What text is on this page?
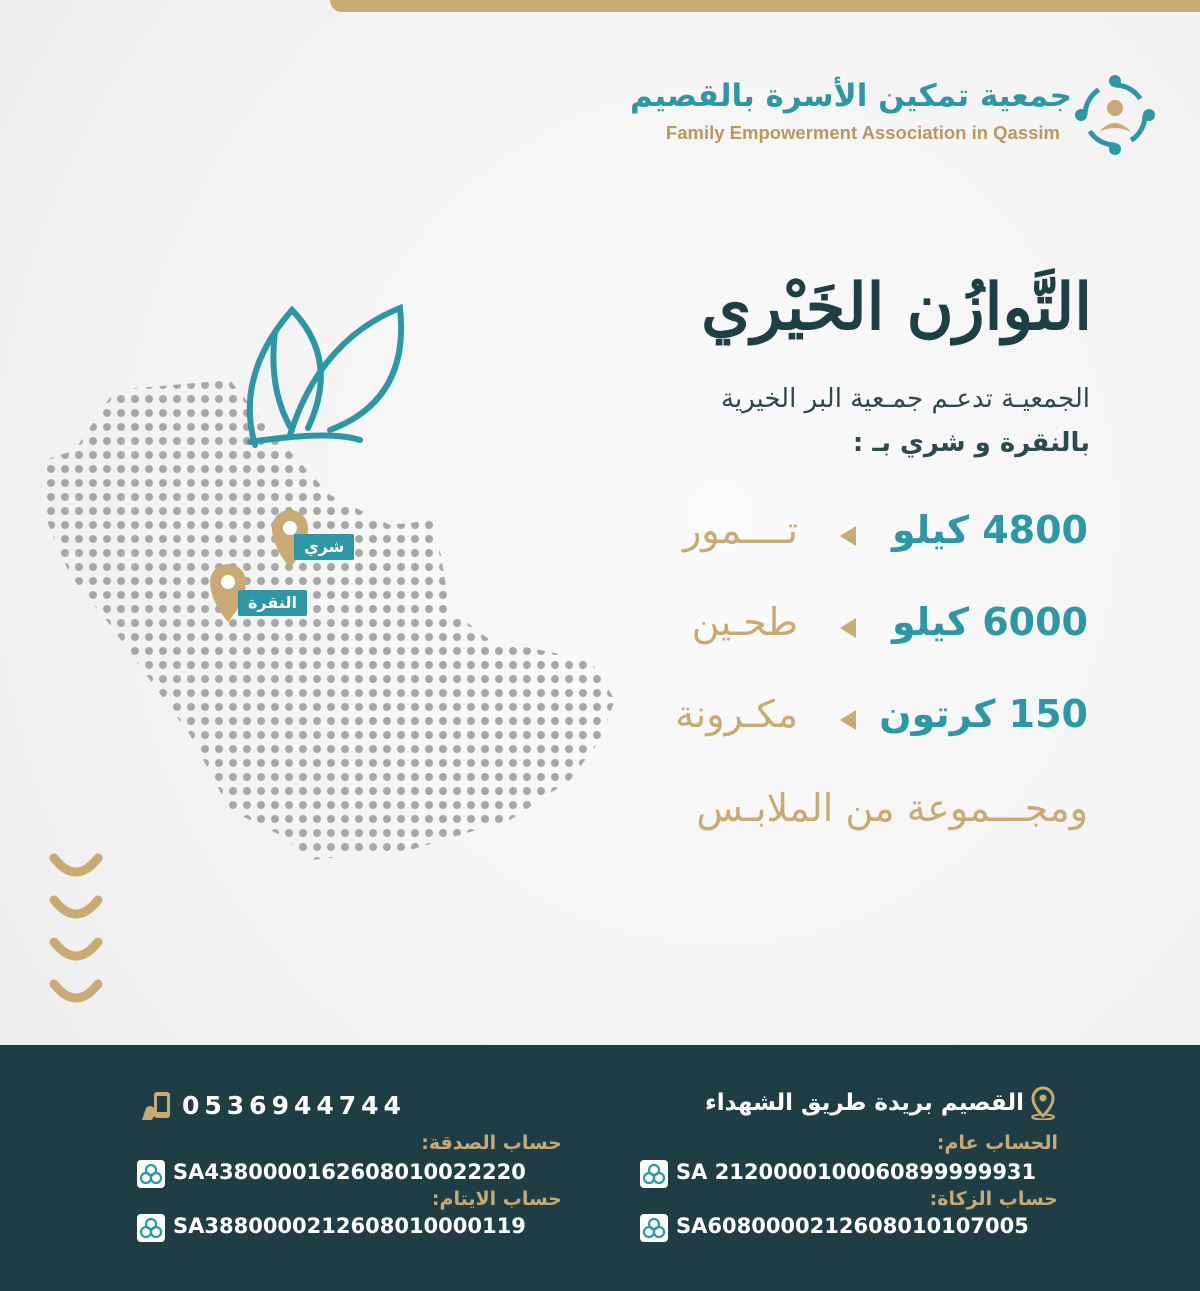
جمعية تمكين الأسرة بالقصيم
Family Empowerment Association in Qassim
التَّوازُن الخَيْري
الجمعيـة تدعـم جمـعية البر الخيرية
بالنقرة و شري بـ :
4800 كيلو
تــــمور
6000 كيلو
طحـين
150 كرتون
مكـرونة
ومجـــموعة من الملابـس
شري
النقرة
0536944744	القصيم بريدة طريق الشهداء
حساب الصدقة:
SA4380000162608010022220
حساب الايتام:
SA3880000212608010000119
الحساب عام:
SA 2120000100060899999931
حساب الزكاة:
SA6080000212608010107005
